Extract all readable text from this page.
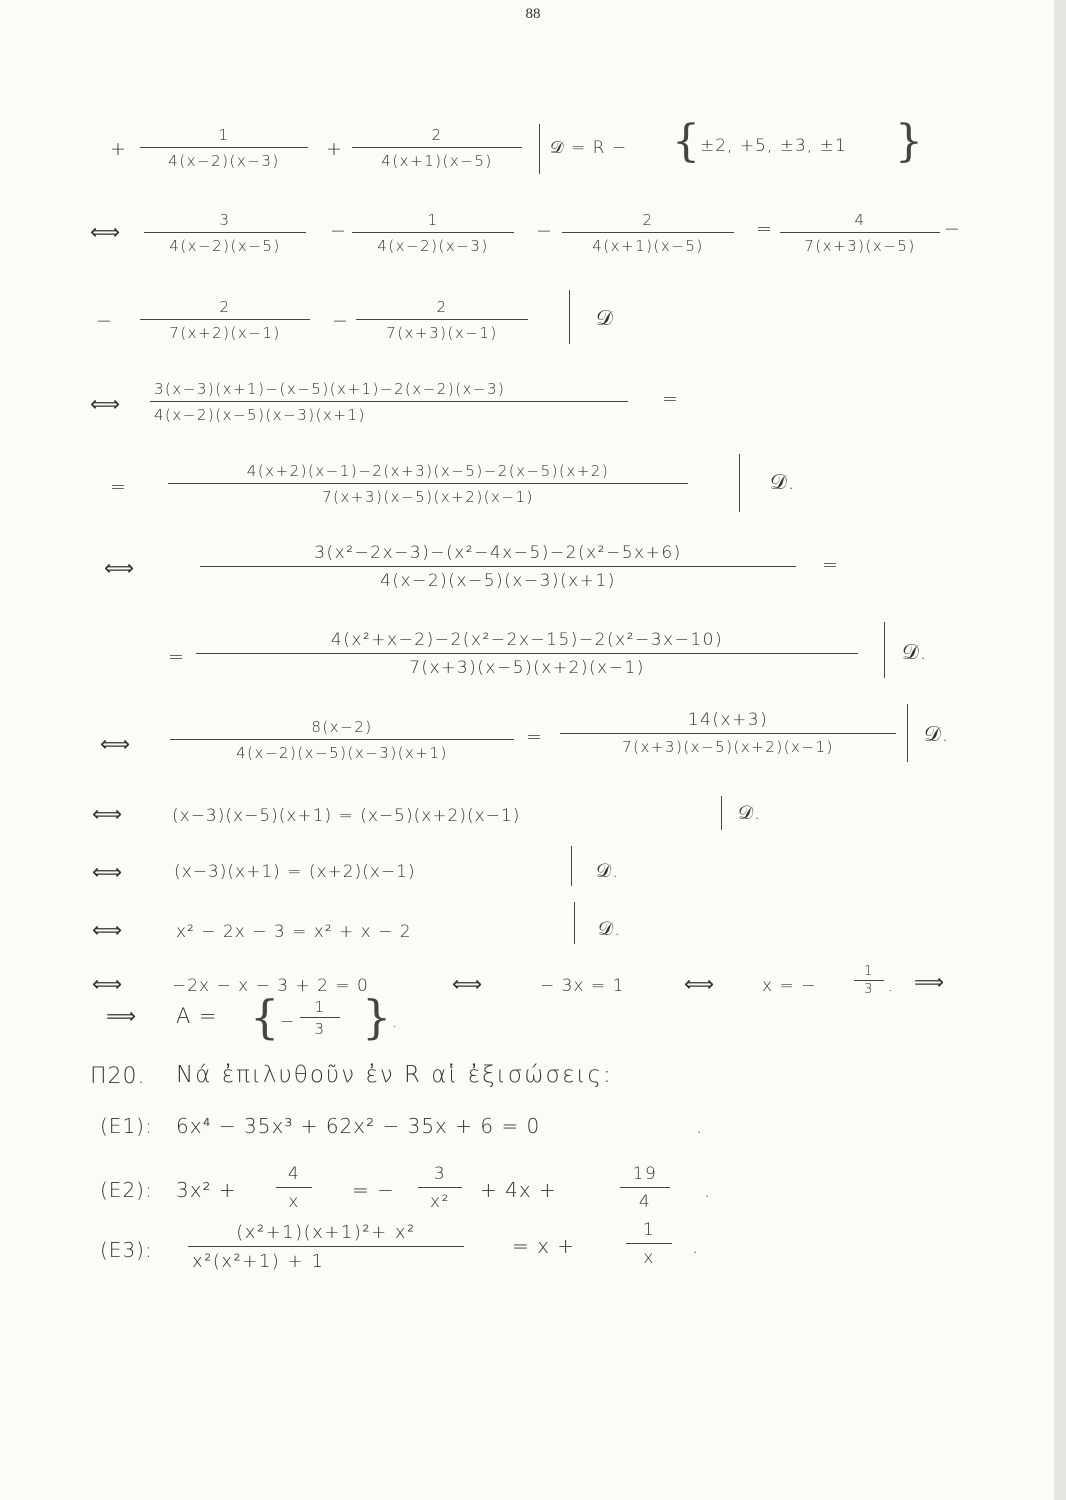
88
+ $\frac{1}{4(x-2)(x-3)} + \frac{2}{4(x+1)(x-5)}$ 𝒟 = R − { ±2, +5, ±3, ±1 }
⟺ $\frac{3}{4(x-2)(x-5)} - \frac{1}{4(x-2)(x-3)} - \frac{2}{4(x+1)(x-5)} = \frac{4}{7(x+3)(x-5)}$ −
− $\frac{2}{7(x+2)(x-1)} - \frac{2}{7(x+3)(x-1)}$	𝒟
⟺ $\frac{3(x-3)(x+1)-(x-5)(x+1)-2(x-2)(x-3)}{4(x-2)(x-5)(x-3)(x+1)}$ =
=	$\frac{4(x+2)(x-1)-2(x+3)(x-5)-2(x-5)(x+2)}{7(x+3)(x-5)(x+2)(x-1)}$	𝒟.
⟺	$\frac{\text{3(x²−2x−3)−(x²−4x−5)−2(x²−5x+6)}}{4(x-2)(x-5)(x-3)(x+1)}$ =
= $\frac{\text{4(x²+x−2)−2(x²−2x−15)−2(x²−3x−10)}}{7(x+3)(x-5)(x+2)(x-1)}$ 𝒟.
⟺	$\frac{8(x-2)}{4(x-2)(x-5)(x-3)(x+1)} = \frac{14(x+3)}{7(x+3)(x-5)(x+2)(x-1)}$ 𝒟.
⟺	(x−3)(x−5)(x+1) = (x−5)(x+2)(x−1)	𝒟.
⟺	(x−3)(x+1) = (x+2)(x−1)	𝒟.
⟺	x² − 2x − 3 = x² + x − 2	𝒟.
⟺	−2x − x − 3 + 2 = 0	⟺	− 3x = 1	⟺	x = −	$\frac{1}{3}$ . ⟹
⟹ A = { − $\frac{1}{3}$ } .
Π20. Νά ἐπιλυθοῦν ἐν R αἱ ἐξισώσεις:
(E1): 6x⁴ − 35x³ + 62x² − 35x + 6 = 0	.
(E2): $3x^2 + \frac{4}{x}$ = − $\frac{3}{\text{x²}} + 4x$ +	$\frac{19}{4}$ .
(E3): $\frac{\text{(x²+1)(x+1)²+ x²}}{\text{x²(x²+1) + 1}} = x$ +	$\frac{1}{x}$ .
